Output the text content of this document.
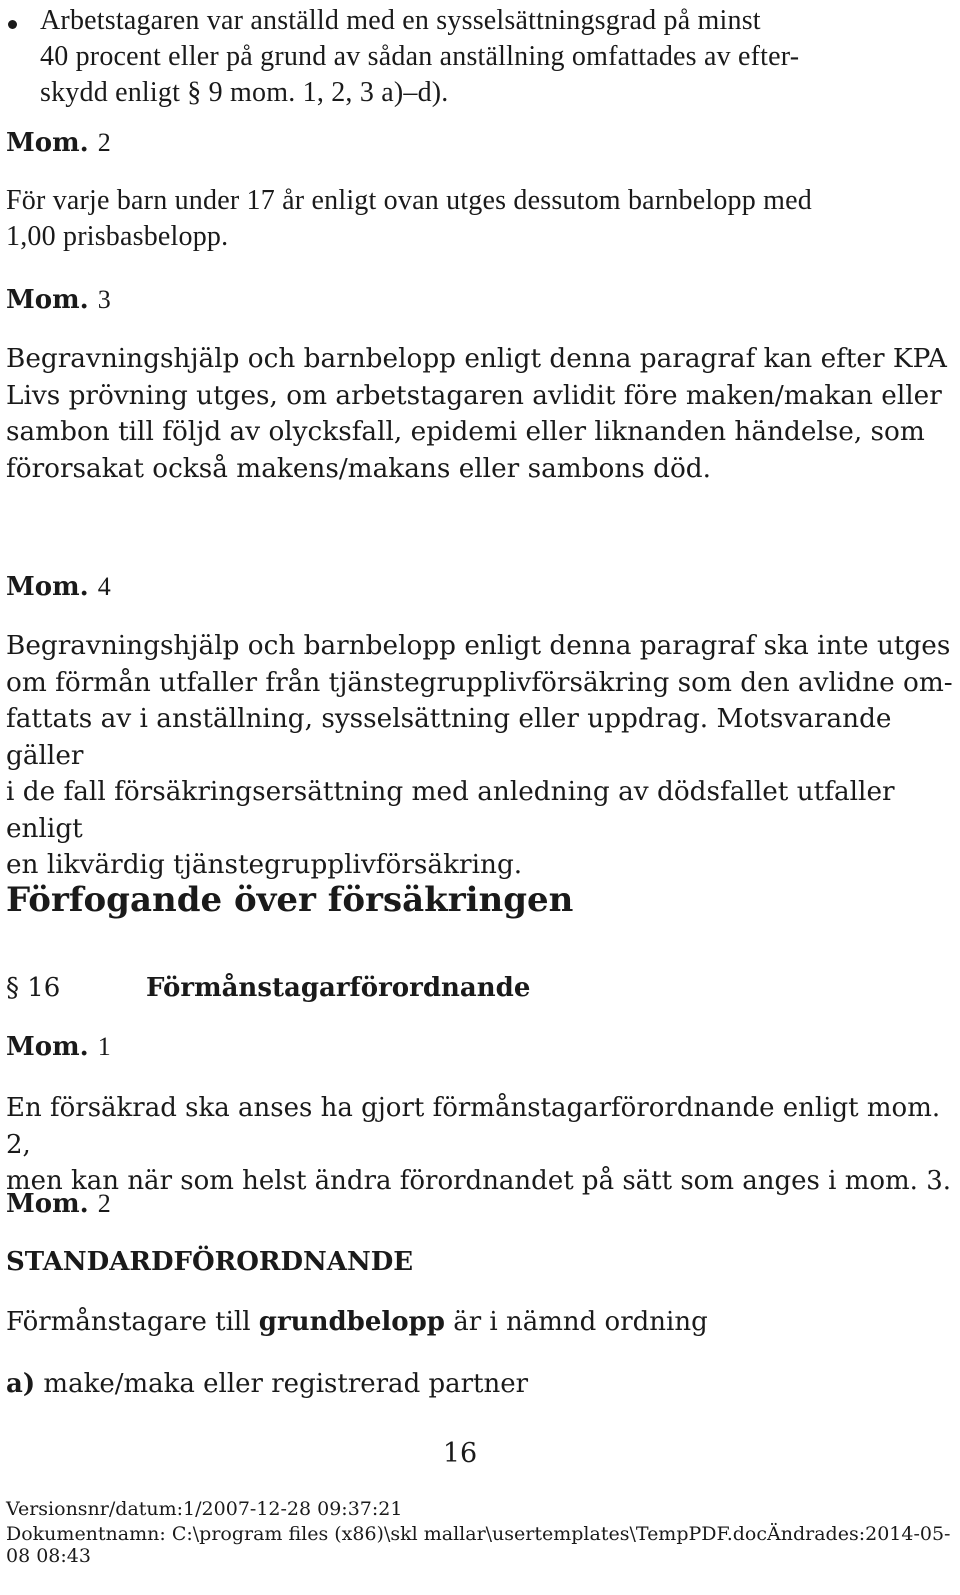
Arbetstagaren var anställd med en sysselsättningsgrad på minst
40 procent eller på grund av sådan anställning omfattades av efter-
skydd enligt § 9 mom. 1, 2, 3 a)–d).
Mom. 2
För varje barn under 17 år enligt ovan utges dessutom barnbelopp med
1,00 prisbasbelopp.
Mom. 3
Begravningshjälp och barnbelopp enligt denna paragraf kan efter KPA
Livs prövning utges, om arbetstagaren avlidit före maken/makan eller
sambon till följd av olycksfall, epidemi eller liknanden händelse, som
förorsakat också makens/makans eller sambons död.
Mom. 4
Begravningshjälp och barnbelopp enligt denna paragraf ska inte utges
om förmån utfaller från tjänstegrupplivförsäkring som den avlidne om-
fattats av i anställning, sysselsättning eller uppdrag. Motsvarande gäller
i de fall försäkringsersättning med anledning av dödsfallet utfaller enligt
en likvärdig tjänstegrupplivförsäkring.
Förfogande över försäkringen
§ 16	Förmånstagarförordnande
Mom. 1
En försäkrad ska anses ha gjort förmånstagarförordnande enligt mom. 2,
men kan när som helst ändra förordnandet på sätt som anges i mom. 3.
Mom. 2
STANDARDFÖRORDNANDE
Förmånstagare till grundbelopp är i nämnd ordning
a) make/maka eller registrerad partner
16
Versionsnr/datum:1/2007-12-28 09:37:21
Dokumentnamn: C:\program files (x86)\skl mallar\usertemplates\TempPDF.docÄndrades:2014-05-
08 08:43
